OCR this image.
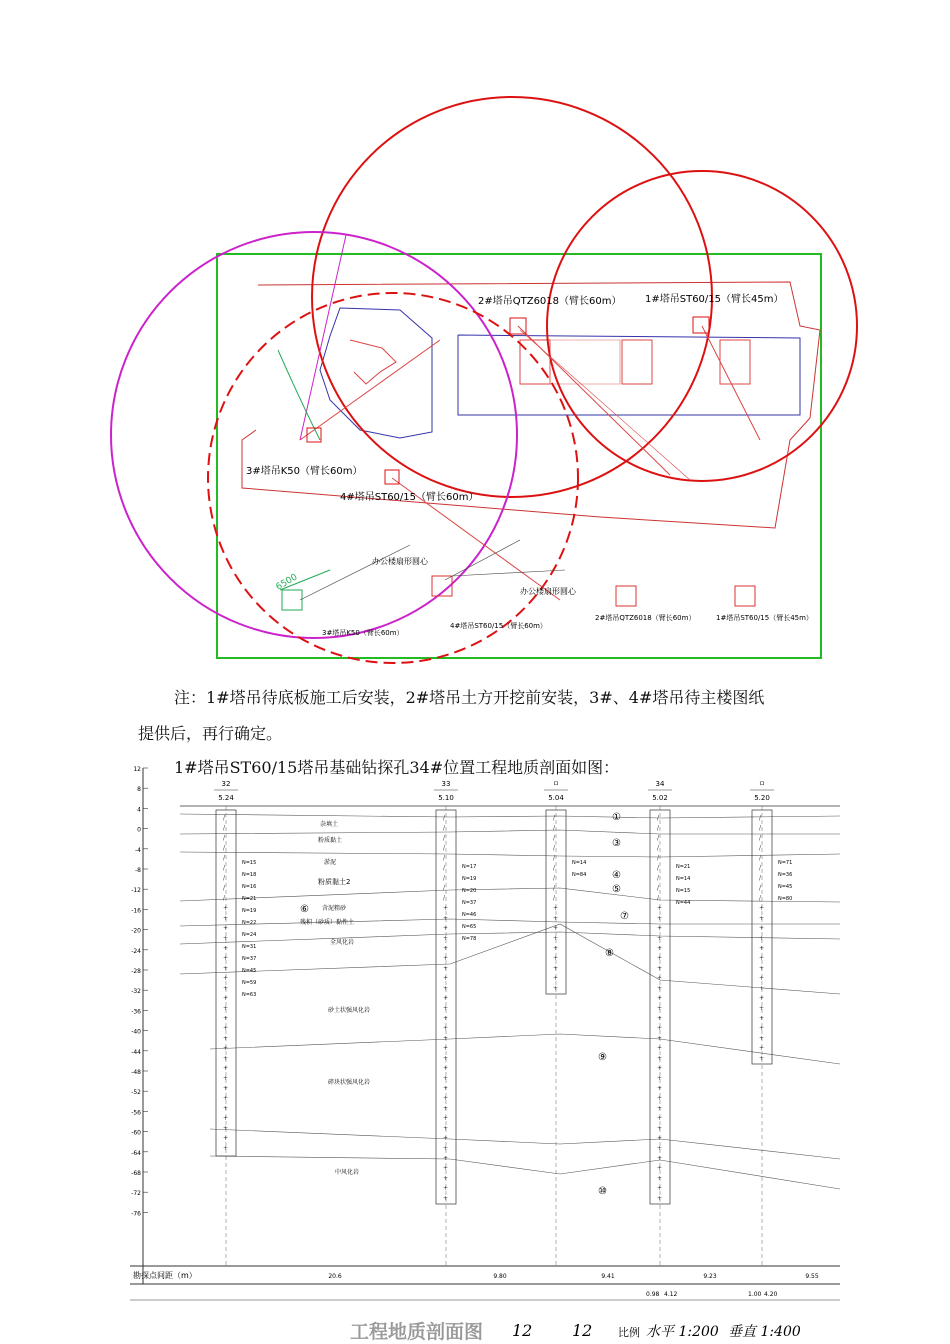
2#塔吊QTZ6018（臂长60m） 1#塔吊ST60/15（臂长45m）
3#塔吊K50（臂长60m）
4#塔吊ST60/15（臂长60m）
6500
办公楼扇形圆心
办公楼扇形圆心
3#塔吊K50（臂长60m）
4#塔吊ST60/15（臂长60m）
2#塔吊QTZ6018（臂长60m）	1#塔吊ST60/15（臂长45m）
注：1#塔吊待底板施工后安装，2#塔吊土方开挖前安装，3#、4#塔吊待主楼图纸
提供后，再行确定。
1#塔吊ST60/15塔吊基础钻探孔34#位置工程地质剖面如图：
12
8
4
0
-4
-8
-12
-16
-20
-24
-28
-32
-36
-40
-44
-48
-52
-56
-60
-64
-68
-72
-76
/
/
/
/
/
/
/
/
/
+
+
+
+
+
+
+
+
+
+
+
+
+
+
+
+
+
+
+
+
+
+
+
+
+
32
5.24
/
/
/
/
/
/
/
/
/
+
+
+
+
+
+
+
+
+
+
+
+
+
+
+
+
+
+
+
+
+
+
+
+
+
+
+
+
+
+
33
5.10
/
/
/
/
/
/
/
/
/
+
+
+
+
+
+
+
+
+
ㅁ
5.04
/
/
/
/
/
/
/
/
/
+
+
+
+
+
+
+
+
+
+
+
+
+
+
+
+
+
+
+
+
+
+
+
+
+
+
+
+
+
+
34
5.02
/
/
/
/
/
/
/
/
/
+
+
+
+
+
+
+
+
+
+
+
+
+
+
+
+
ㅁ
5.20
N=15
N=18
N=16
N=21
N=19
N=22
N=24
N=31
N=37
N=45
N=59
N=63
N=17
N=19
N=20
N=37
N=46
N=65
N=78
N=14
N=84
N=21
N=14
N=15
N=44
N=71
N=36
N=45
N=80
①
③
④
⑤
⑥
⑦
⑧
⑨
⑩
杂填土
粉质黏土
淤泥
粉质黏土2
含泥粗砂
残积（砂质）黏性土
全风化岩
砂土状强风化岩
碎块状强风化岩
中风化岩
勘探点间距（m）	20.6	9.80	9.41	9.23	9.55
0.98 4.12	1.00 4.20
工程地质剖面图 12 12 比例 水平 1:200 垂直 1:400
